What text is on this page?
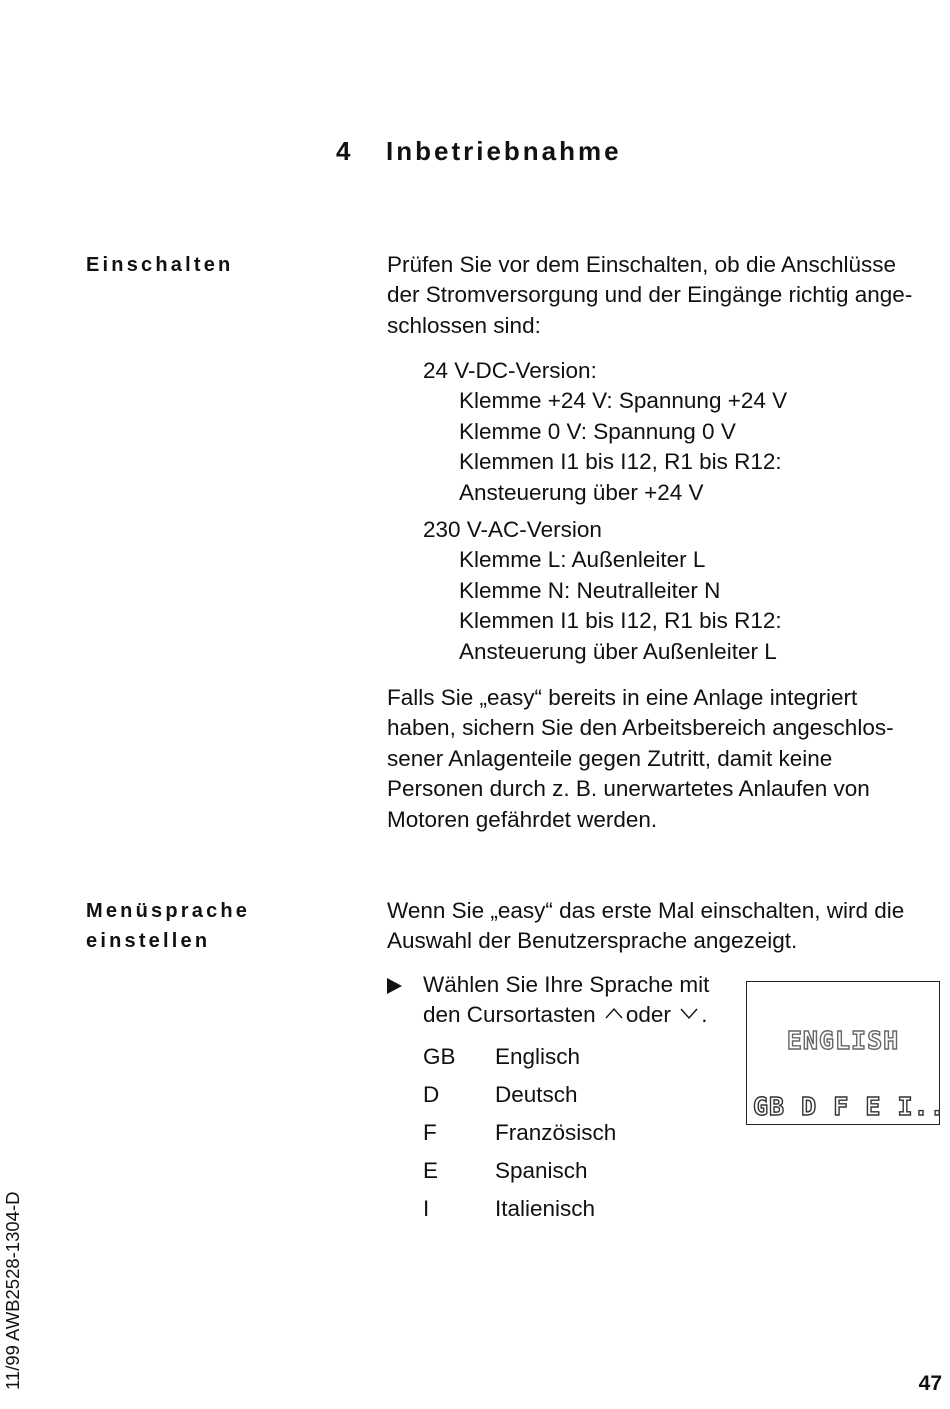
4 Inbetriebnahme
Einschalten	Prüfen Sie vor dem Einschalten, ob die Anschlüsse
der Stromversorgung und der Eingänge richtig ange-
schlossen sind:
24 V-DC-Version:
Klemme +24 V: Spannung +24 V
Klemme 0 V: Spannung 0 V
Klemmen I1 bis I12, R1 bis R12:
Ansteuerung über +24 V
230 V-AC-Version
Klemme L: Außenleiter L
Klemme N: Neutralleiter N
Klemmen I1 bis I12, R1 bis R12:
Ansteuerung über Außenleiter L
Falls Sie „easy“ bereits in eine Anlage integriert
haben, sichern Sie den Arbeitsbereich angeschlos-
sener Anlagenteile gegen Zutritt, damit keine
Personen durch z. B. unerwartetes Anlaufen von
Motoren gefährdet werden.
Menüsprache
einstellen
Wenn Sie „easy“ das erste Mal einschalten, wird die
Auswahl der Benutzersprache angezeigt.
Wählen Sie Ihre Sprache mit
den Cursortasten oder .
GB Englisch
D Deutsch
F	Französisch
E	Spanisch
I	Italienisch
ENGLISH
GB D F E I..
11/99 AWB2528-1304-D	47
